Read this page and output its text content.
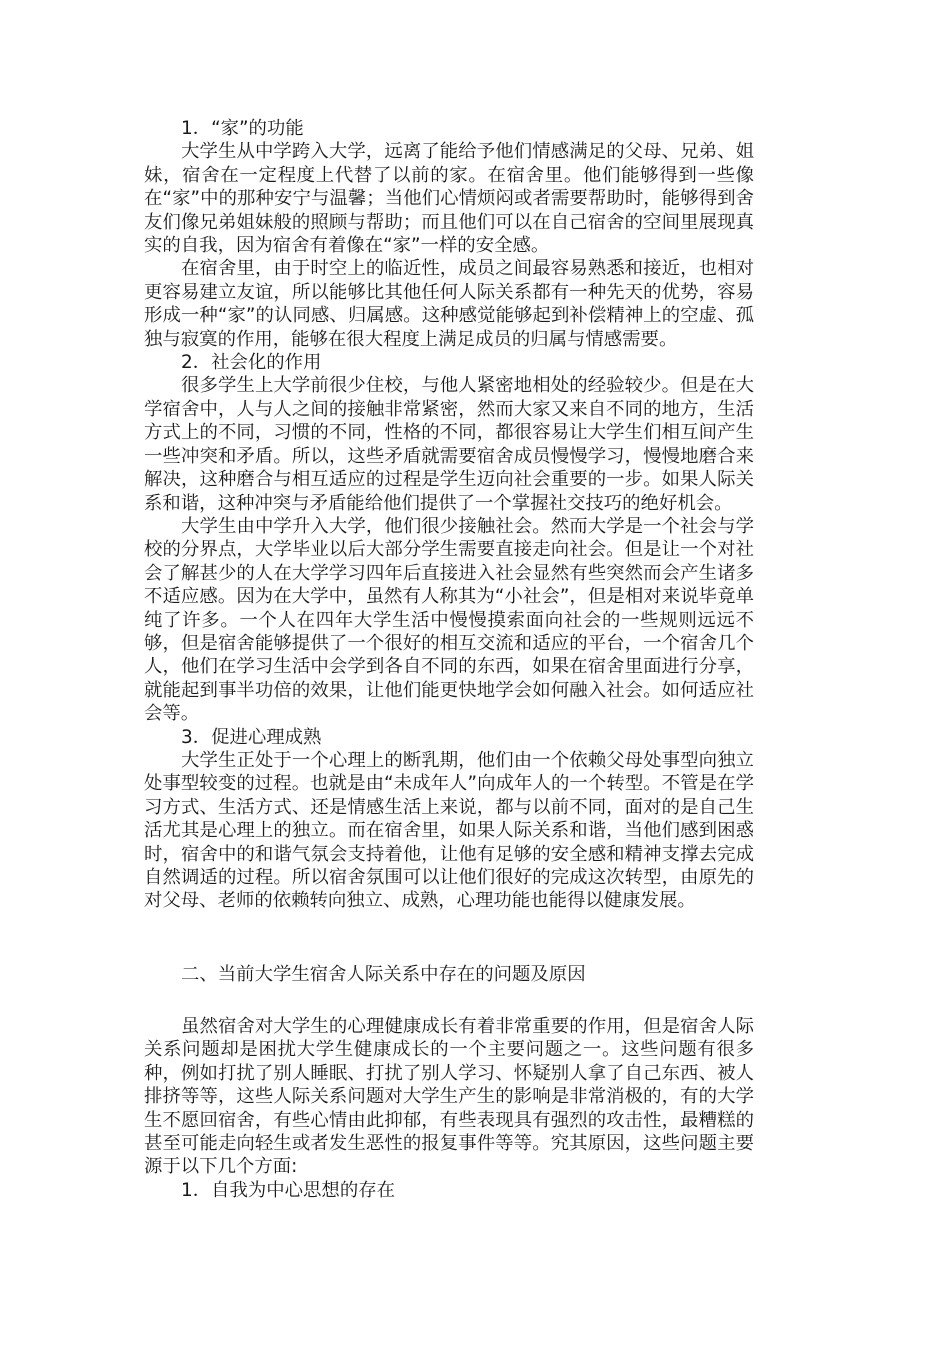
1．“家”的功能

大学生从中学跨入大学，远离了能给予他们情感满足的父母、兄弟、姐妹，宿舍在一定程度上代替了以前的家。在宿舍里。他们能够得到一些像在“家”中的那种安宁与温馨；当他们心情烦闷或者需要帮助时，能够得到舍友们像兄弟姐妹般的照顾与帮助；而且他们可以在自己宿舍的空间里展现真实的自我，因为宿舍有着像在“家”一样的安全感。

在宿舍里，由于时空上的临近性，成员之间最容易熟悉和接近，也相对更容易建立友谊，所以能够比其他任何人际关系都有一种先天的优势，容易形成一种“家”的认同感、归属感。这种感觉能够起到补偿精神上的空虚、孤独与寂寞的作用，能够在很大程度上满足成员的归属与情感需要。

2．社会化的作用

很多学生上大学前很少住校，与他人紧密地相处的经验较少。但是在大学宿舍中，人与人之间的接触非常紧密，然而大家又来自不同的地方，生活方式上的不同，习惯的不同，性格的不同，都很容易让大学生们相互间产生一些冲突和矛盾。所以，这些矛盾就需要宿舍成员慢慢学习，慢慢地磨合来解决，这种磨合与相互适应的过程是学生迈向社会重要的一步。如果人际关系和谐，这种冲突与矛盾能给他们提供了一个掌握社交技巧的绝好机会。

大学生由中学升入大学，他们很少接触社会。然而大学是一个社会与学校的分界点，大学毕业以后大部分学生需要直接走向社会。但是让一个对社会了解甚少的人在大学学习四年后直接进入社会显然有些突然而会产生诸多不适应感。因为在大学中，虽然有人称其为“小社会”，但是相对来说毕竟单纯了许多。一个人在四年大学生活中慢慢摸索面向社会的一些规则远远不够，但是宿舍能够提供了一个很好的相互交流和适应的平台，一个宿舍几个人，他们在学习生活中会学到各自不同的东西，如果在宿舍里面进行分享，就能起到事半功倍的效果，让他们能更快地学会如何融入社会。如何适应社会等。

3．促进心理成熟

大学生正处于一个心理上的断乳期，他们由一个依赖父母处事型向独立处事型较变的过程。也就是由“未成年人”向成年人的一个转型。不管是在学习方式、生活方式、还是情感生活上来说，都与以前不同，面对的是自己生活尤其是心理上的独立。而在宿舍里，如果人际关系和谐，当他们感到困惑时，宿舍中的和谐气氛会支持着他，让他有足够的安全感和精神支撑去完成自然调适的过程。所以宿舍氛围可以让他们很好的完成这次转型，由原先的对父母、老师的依赖转向独立、成熟，心理功能也能得以健康发展。

二、当前大学生宿舍人际关系中存在的问题及原因

虽然宿舍对大学生的心理健康成长有着非常重要的作用，但是宿舍人际关系问题却是困扰大学生健康成长的一个主要问题之一。这些问题有很多种，例如打扰了别人睡眠、打扰了别人学习、怀疑别人拿了自己东西、被人排挤等等，这些人际关系问题对大学生产生的影响是非常消极的，有的大学生不愿回宿舍，有些心情由此抑郁，有些表现具有强烈的攻击性，最糟糕的甚至可能走向轻生或者发生恶性的报复事件等等。究其原因，这些问题主要源于以下几个方面:

1．自我为中心思想的存在
